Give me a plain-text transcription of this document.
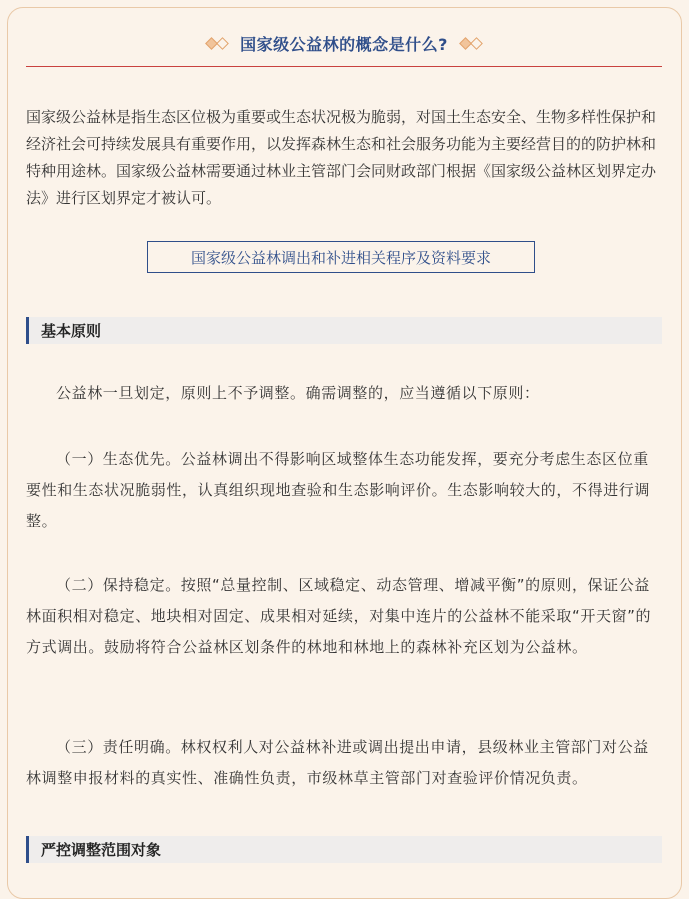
国家级公益林的概念是什么?
国家级公益林是指生态区位极为重要或生态状况极为脆弱，对国土生态安全、生物多样性保护和经济社会可持续发展具有重要作用，以发挥森林生态和社会服务功能为主要经营目的的防护林和特种用途林。国家级公益林需要通过林业主管部门会同财政部门根据《国家级公益林区划界定办法》进行区划界定才被认可。
国家级公益林调出和补进相关程序及资料要求
基本原则
公益林一旦划定，原则上不予调整。确需调整的，应当遵循以下原则：
（一）生态优先。公益林调出不得影响区域整体生态功能发挥，要充分考虑生态区位重要性和生态状况脆弱性，认真组织现地查验和生态影响评价。生态影响较大的，不得进行调整。
（二）保持稳定。按照“总量控制、区域稳定、动态管理、增减平衡”的原则，保证公益林面积相对稳定、地块相对固定、成果相对延续，对集中连片的公益林不能采取“开天窗”的方式调出。鼓励将符合公益林区划条件的林地和林地上的森林补充区划为公益林。
（三）责任明确。林权权利人对公益林补进或调出提出申请，县级林业主管部门对公益林调整申报材料的真实性、准确性负责，市级林草主管部门对查验评价情况负责。
严控调整范围对象
